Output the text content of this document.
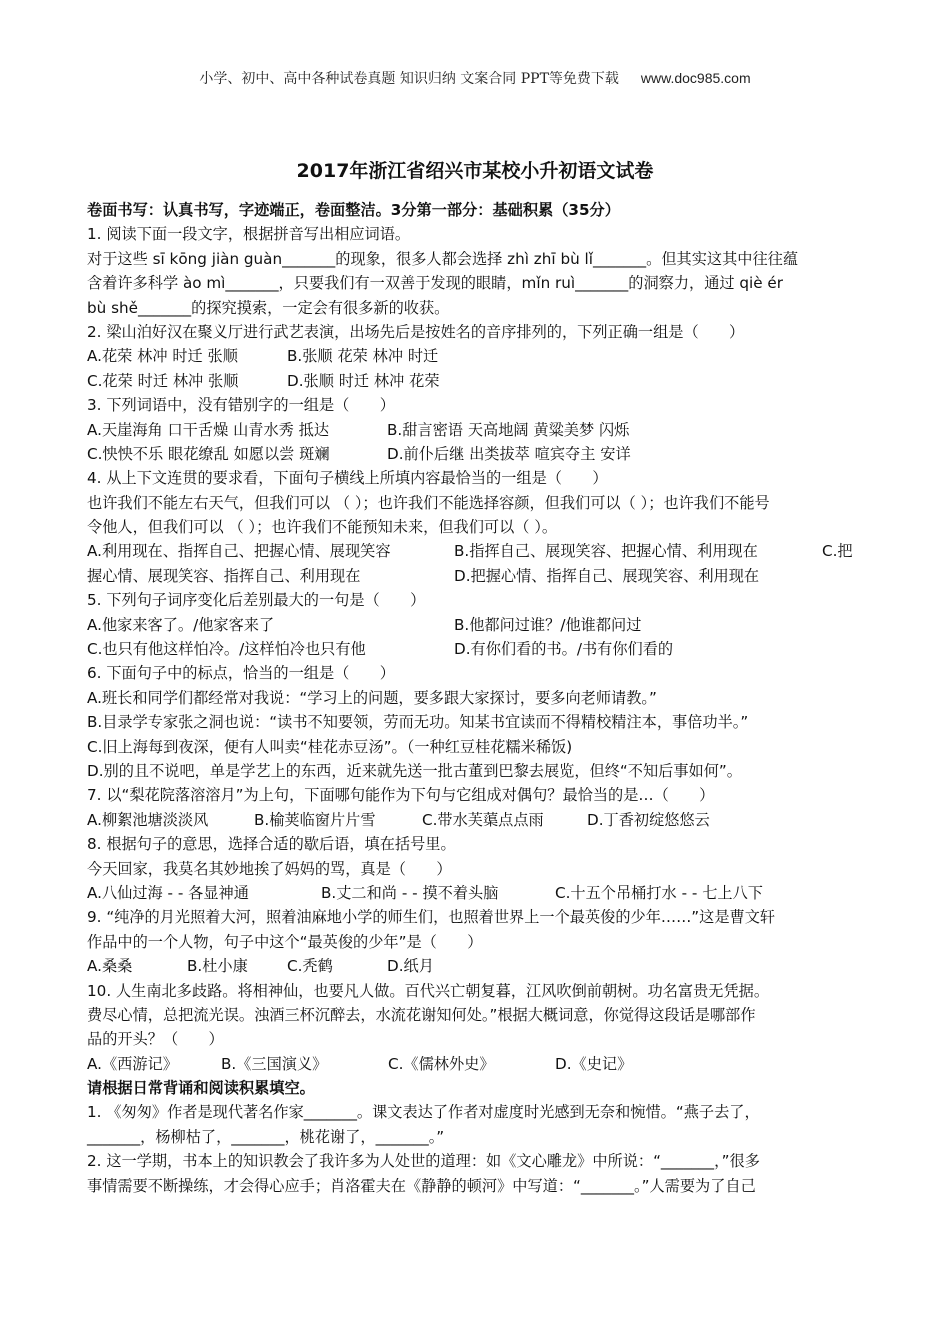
小学、初中、高中各种试卷真题 知识归纳 文案合同 PPT等免费下载 www.doc985.com
2017年浙江省绍兴市某校小升初语文试卷
卷面书写：认真书写，字迹端正，卷面整洁。3分第一部分：基础积累（35分）
1. 阅读下面一段文字，根据拼音写出相应词语。
对于这些 sī kōng jiàn guàn_______的现象，很多人都会选择 zhì zhī bù lǐ_______。但其实这其中往往蕴
含着许多科学 ào mì_______，只要我们有一双善于发现的眼睛，mǐn ruì_______的洞察力，通过 qiè ér
bù shě_______的探究摸索，一定会有很多新的收获。
2. 梁山泊好汉在聚义厅进行武艺表演，出场先后是按姓名的音序排列的，下列正确一组是（　　）
A.花荣 林冲 时迁 张顺	B.张顺 花荣 林冲 时迁
C.花荣 时迁 林冲 张顺	D.张顺 时迁 林冲 花荣
3. 下列词语中，没有错别字的一组是（　　）
A.天崖海角 口干舌燥 山青水秀 抵达	B.甜言密语 天高地阔 黄粱美梦 闪烁
C.怏怏不乐 眼花缭乱 如愿以尝 斑斓	D.前仆后继 出类拔萃 喧宾夺主 安详
4. 从上下文连贯的要求看，下面句子横线上所填内容最恰当的一组是（　　）
也许我们不能左右天气，但我们可以 （ ）；也许我们不能选择容颜，但我们可以（ ）；也许我们不能号
令他人，但我们可以 （ ）；也许我们不能预知未来，但我们可以（ ）。
A.利用现在、指挥自己、把握心情、展现笑容	B.指挥自己、展现笑容、把握心情、利用现在	C.把
握心情、展现笑容、指挥自己、利用现在	D.把握心情、指挥自己、展现笑容、利用现在
5. 下列句子词序变化后差别最大的一句是（　　）
A.他家来客了。/他家客来了	B.他都问过谁？/他谁都问过
C.也只有他这样怕冷。/这样怕冷也只有他	D.有你们看的书。/书有你们看的
6. 下面句子中的标点，恰当的一组是（　　）
A.班长和同学们都经常对我说：“学习上的问题，要多跟大家探讨，要多向老师请教。”
B.目录学专家张之洞也说：“读书不知要领，劳而无功。知某书宜读而不得精校精注本，事倍功半。”
C.旧上海每到夜深，便有人叫卖“桂花赤豆汤”。（一种红豆桂花糯米稀饭)
D.别的且不说吧，单是学艺上的东西，近来就先送一批古董到巴黎去展览，但终“不知后事如何”。
7. 以“梨花院落溶溶月”为上句，下面哪句能作为下句与它组成对偶句？最恰当的是…（　　）
A.柳絮池塘淡淡风	B.榆荚临窗片片雪	C.带水芙蕖点点雨	D.丁香初绽悠悠云
8. 根据句子的意思，选择合适的歇后语，填在括号里。
今天回家，我莫名其妙地挨了妈妈的骂，真是（　　）
A.八仙过海 - - 各显神通	B.丈二和尚 - - 摸不着头脑	C.十五个吊桶打水 - - 七上八下
9. “纯净的月光照着大河，照着油麻地小学的师生们，也照着世界上一个最英俊的少年……”这是曹文轩
作品中的一个人物，句子中这个“最英俊的少年”是（　　）
A.桑桑	B.杜小康	C.秃鹤	D.纸月
10. 人生南北多歧路。将相神仙，也要凡人做。百代兴亡朝复暮，江风吹倒前朝树。功名富贵无凭据。
费尽心情，总把流光误。浊酒三杯沉醉去，水流花谢知何处。”根据大概词意，你觉得这段话是哪部作
品的开头？（　　）
A.《西游记》	B.《三国演义》	C.《儒林外史》	D.《史记》
请根据日常背诵和阅读积累填空。
1. 《匆匆》作者是现代著名作家_______。课文表达了作者对虚度时光感到无奈和惋惜。“燕子去了，
_______，杨柳枯了，_______，桃花谢了，_______。”
2. 这一学期，书本上的知识教会了我许多为人处世的道理：如《文心雕龙》中所说：“_______，”很多
事情需要不断操练，才会得心应手；肖洛霍夫在《静静的顿河》中写道：“_______。”人需要为了自己
